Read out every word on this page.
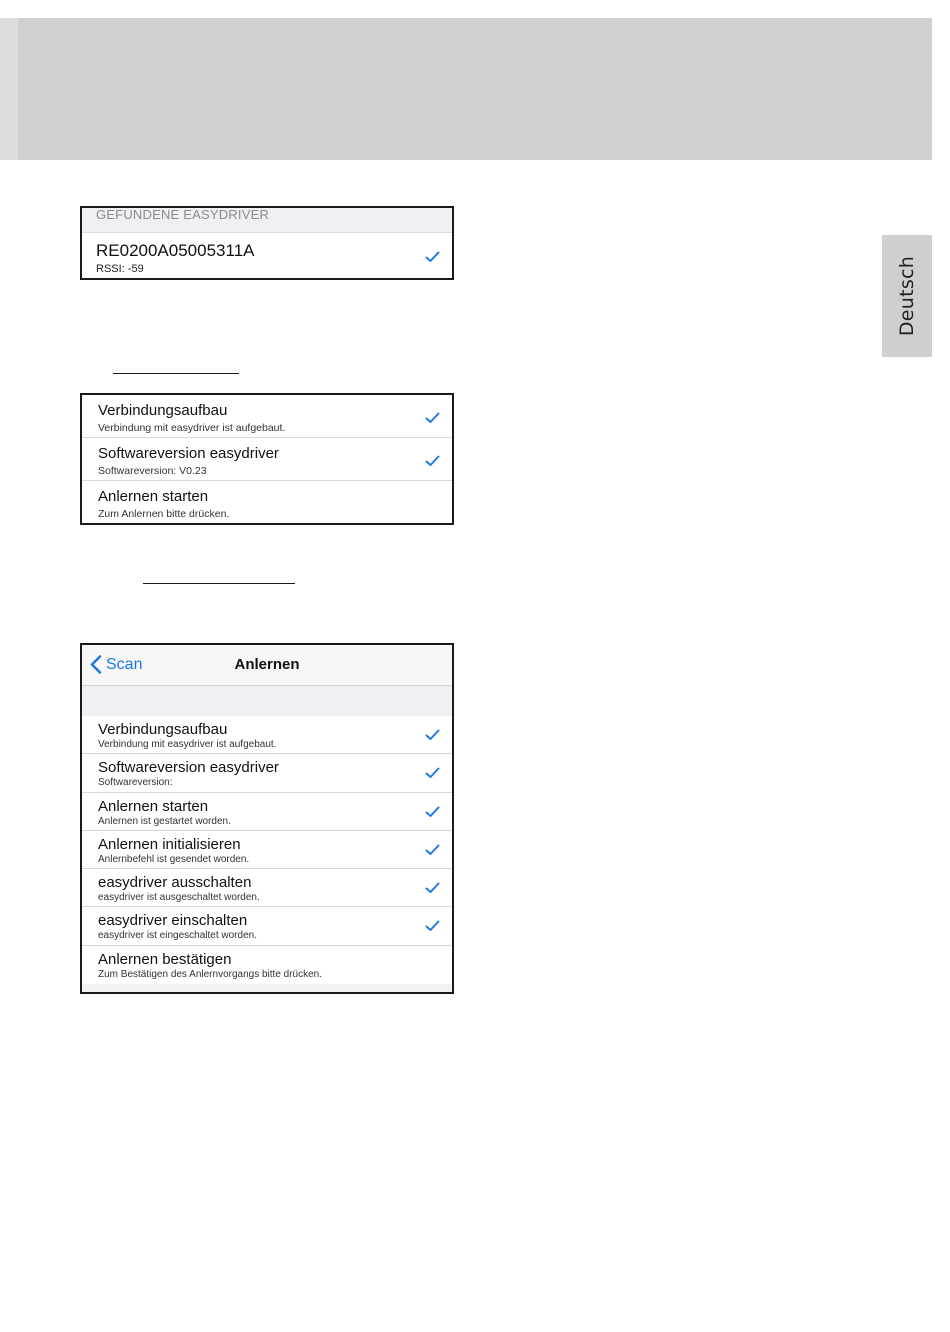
Deutsch
GEFUNDENE EASYDRIVER
RE0200A05005311A
RSSI: -59
Verbindungsaufbau
Verbindung mit easydriver ist aufgebaut.
Softwareversion easydriver
Softwareversion: V0.23
Anlernen starten
Zum Anlernen bitte drücken.
Scan	Anlernen
Verbindungsaufbau
Verbindung mit easydriver ist aufgebaut.
Softwareversion easydriver
Softwareversion:
Anlernen starten
Anlernen ist gestartet worden.
Anlernen initialisieren
Anlernbefehl ist gesendet worden.
easydriver ausschalten
easydriver ist ausgeschaltet worden.
easydriver einschalten
easydriver ist eingeschaltet worden.
Anlernen bestätigen
Zum Bestätigen des Anlernvorgangs bitte drücken.
